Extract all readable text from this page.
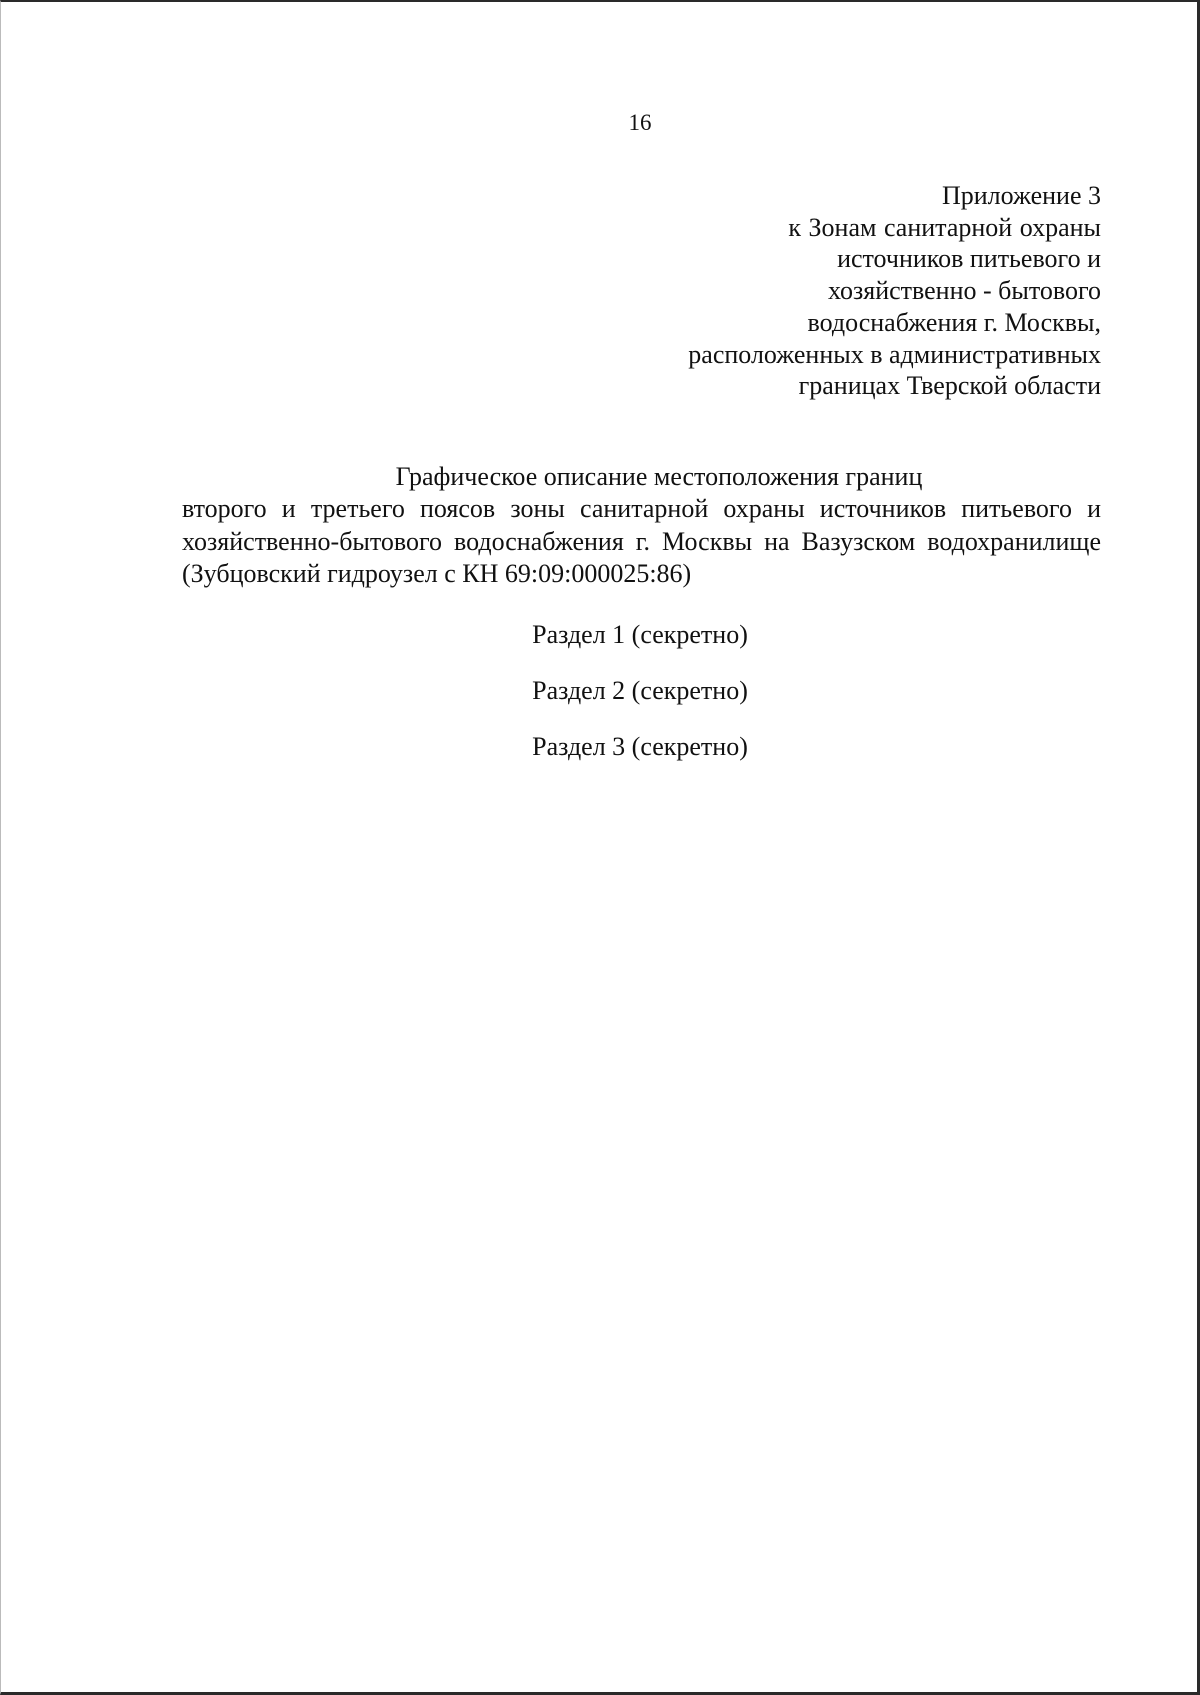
16
Приложение 3
к Зонам санитарной охраны
источников питьевого и
хозяйственно - бытового
водоснабжения г. Москвы,
расположенных в административных
границах Тверской области
Графическое описание местоположения границ
второго и третьего поясов зоны санитарной охраны источников питьевого и хозяйственно-бытового водоснабжения г. Москвы на Вазузском водохранилище (Зубцовский гидроузел с КН 69:09:000025:86)
Раздел 1 (секретно)
Раздел 2 (секретно)
Раздел 3 (секретно)
